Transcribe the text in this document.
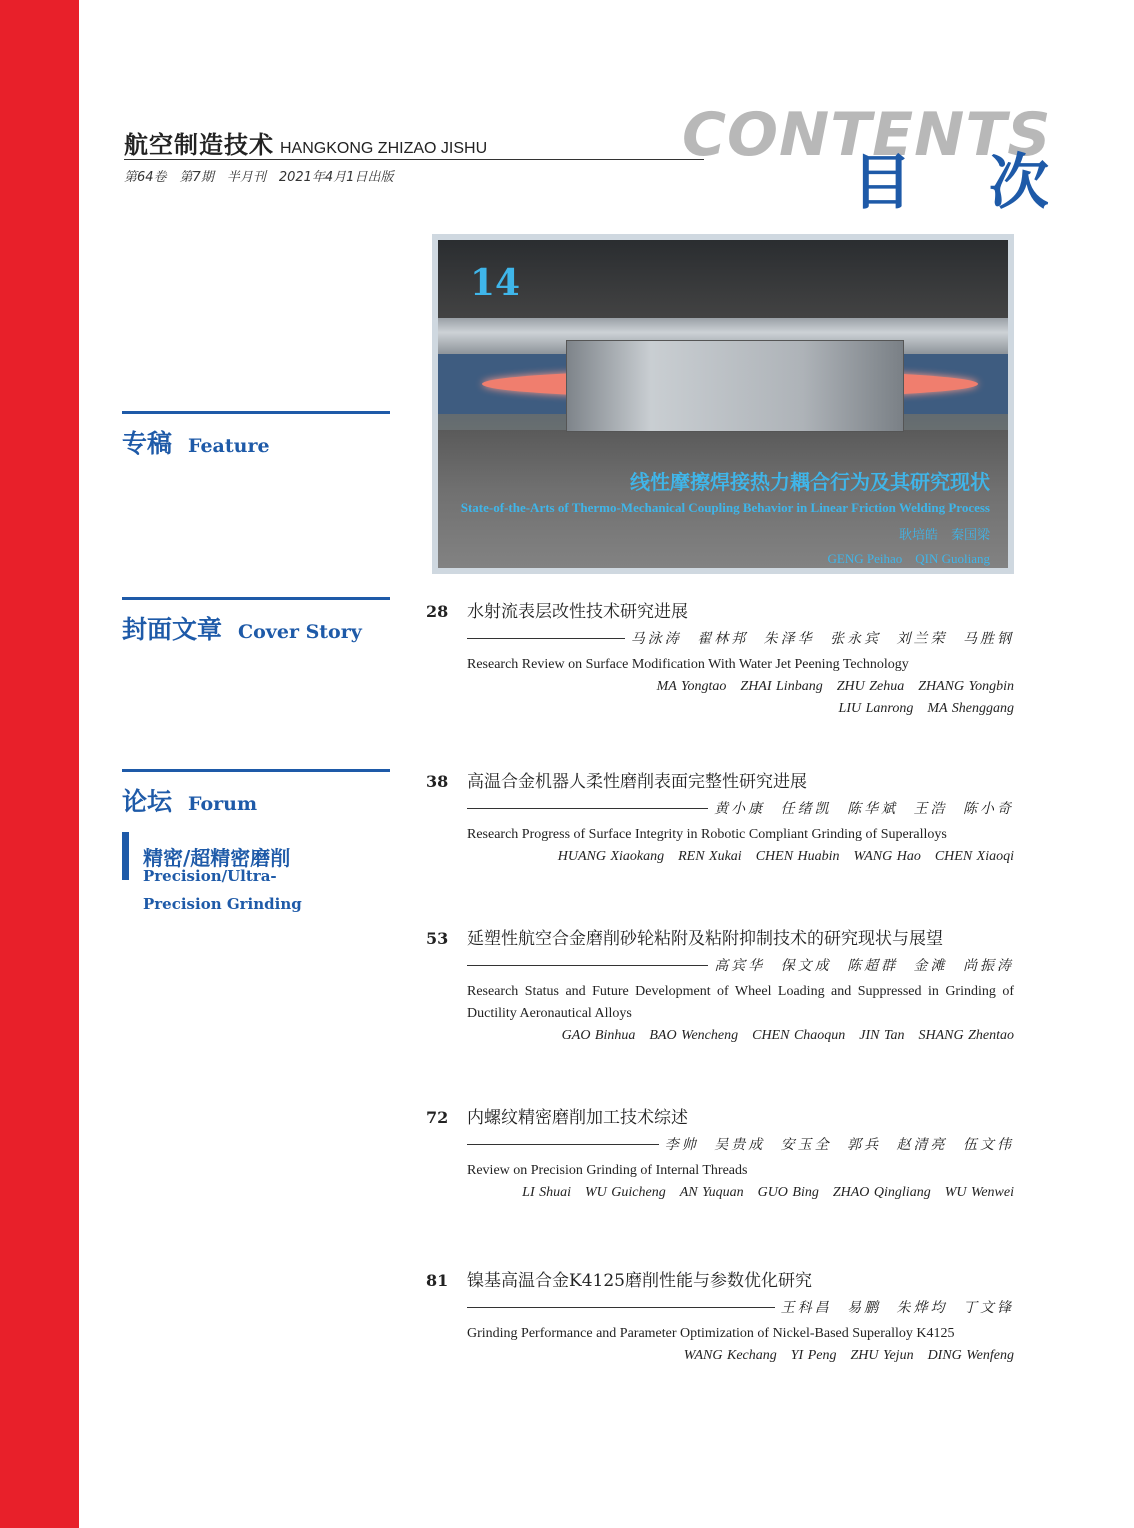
航空制造技术 HANGKONG ZHIZAO JISHU
第64卷　第7期　半月刊　2021年4月1日出版
CONTENTS
目 次
14
线性摩擦焊接热力耦合行为及其研究现状
State-of-the-Arts of Thermo-Mechanical Coupling Behavior in Linear Friction Welding Process
耿培皓　秦国梁
GENG Peihao　QIN Guoliang
专稿 Feature
封面文章 Cover Story
论坛 Forum
精密/超精密磨削
Precision/Ultra-Precision Grinding
28	水射流表层改性技术研究进展
马泳涛 翟林邦 朱泽华 张永宾 刘兰荣 马胜钢
Research Review on Surface Modification With Water Jet Peening Technology
MA Yongtao　ZHAI Linbang　ZHU Zehua　ZHANG Yongbin
LIU Lanrong　MA Shenggang
38	高温合金机器人柔性磨削表面完整性研究进展
黄小康 任绪凯 陈华斌 王浩 陈小奇
Research Progress of Surface Integrity in Robotic Compliant Grinding of Superalloys
HUANG Xiaokang　REN Xukai　CHEN Huabin　WANG Hao　CHEN Xiaoqi
53	延塑性航空合金磨削砂轮粘附及粘附抑制技术的研究现状与展望
高宾华 保文成 陈超群 金滩 尚振涛
Research Status and Future Development of Wheel Loading and Suppressed in Grinding of Ductility Aeronautical Alloys
GAO Binhua　BAO Wencheng　CHEN Chaoqun　JIN Tan　SHANG Zhentao
72	内螺纹精密磨削加工技术综述
李帅 吴贵成 安玉全 郭兵 赵清亮 伍文伟
Review on Precision Grinding of Internal Threads
LI Shuai　WU Guicheng　AN Yuquan　GUO Bing　ZHAO Qingliang　WU Wenwei
81	镍基高温合金K4125磨削性能与参数优化研究
王科昌 易鹏 朱烨均 丁文锋
Grinding Performance and Parameter Optimization of Nickel-Based Superalloy K4125
WANG Kechang　YI Peng　ZHU Yejun　DING Wenfeng
